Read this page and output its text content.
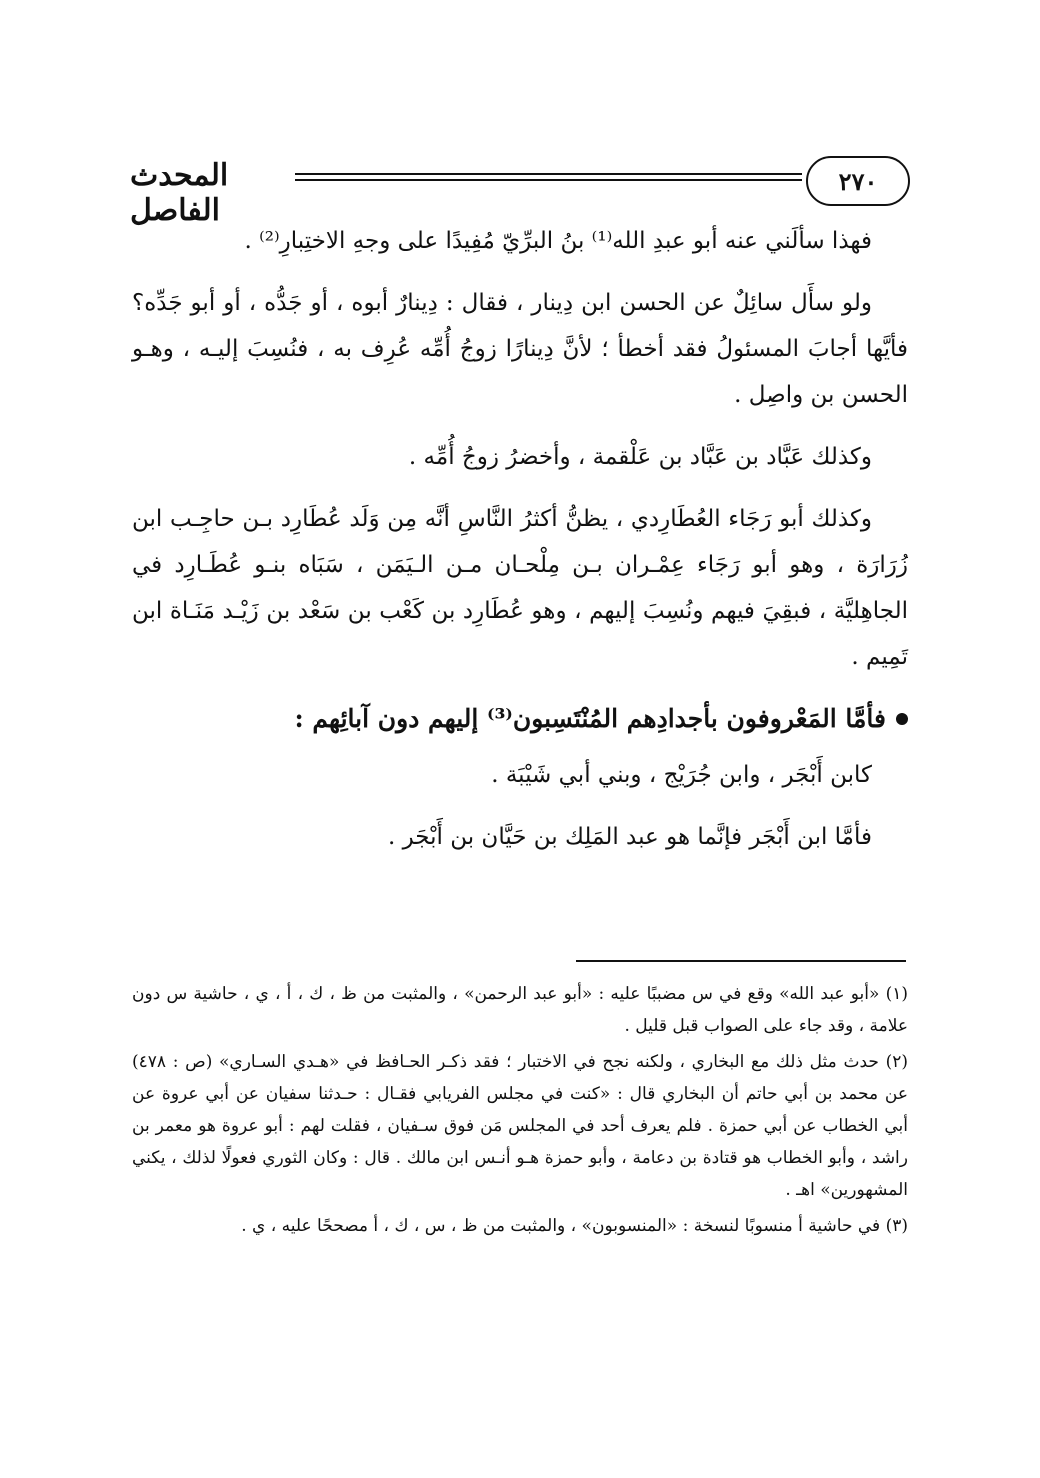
٢٧٠
المحدث الفاصل

فهذا سألَني عنه أبو عبدِ الله⁽¹⁾ بنُ البرِّيّ مُفِيدًا على وجهِ الاختِبارِ⁽²⁾ .

ولو سأَل سائِلٌ عن الحسن ابن دِينار ، فقال : دِينارٌ أبوه ، أو جَدُّه ، أو أبو جَدِّه؟ فأيَّها أجابَ المسئولُ فقد أخطأ ؛ لأنَّ دِينارًا زوجُ أُمِّه عُرِف به ، فنُسِبَ إليـه ، وهـو الحسن بن واصِل .

وكذلك عَبَّاد بن عَبَّاد بن عَلْقمة ، وأخضرُ زوجُ أُمِّه .

وكذلك أبو رَجَاء العُطَارِدي ، يظنُّ أكثرُ النَّاسِ أنَّه مِن وَلَد عُطَارِد بـن حاجِـب ابن زُرَارَة ، وهو أبو رَجَاء عِمْـران بـن مِلْحـان مـن الـيَمَن ، سَبَاه بنـو عُطَـارِد في الجاهِليَّة ، فبقِيَ فيهم ونُسِبَ إليهم ، وهو عُطَارِد بن كَعْب بن سَعْد بن زَيْـد مَنَـاة ابن تَمِيم .

فأمَّا المَعْروفون بأجدادِهم المُنْتَسِبون⁽³⁾ إليهم دون آبائِهم :

كابن أَبْجَر ، وابن جُرَيْج ، وبني أبي شَيْبَة .

فأمَّا ابن أَبْجَر فإنَّما هو عبد المَلِك بن حَيَّان بن أَبْجَر .

(١) «أبو عبد الله» وقع في س مضببًا عليه : «أبو عبد الرحمن» ، والمثبت من ظ ، ك ، أ ، ي ، حاشية س دون علامة ، وقد جاء على الصواب قبل قليل .

(٢) حدث مثل ذلك مع البخاري ، ولكنه نجح في الاختبار ؛ فقد ذكـر الحـافظ في «هـدي السـاري» (ص : ٤٧٨) عن محمد بن أبي حاتم أن البخاري قال : «كنت في مجلس الفريابي فقـال : حـدثنا سفيان عن أبي عروة عن أبي الخطاب عن أبي حمزة . فلم يعرف أحد في المجلس مَن فوق سـفيان ، فقلت لهم : أبو عروة هو معمر بن راشد ، وأبو الخطاب هو قتادة بن دعامة ، وأبو حمزة هـو أنـس ابن مالك . قال : وكان الثوري فعولًا لذلك ، يكني المشهورين» اهـ .

(٣) في حاشية أ منسوبًا لنسخة : «المنسوبون» ، والمثبت من ظ ، س ، ك ، أ مصححًا عليه ، ي .
